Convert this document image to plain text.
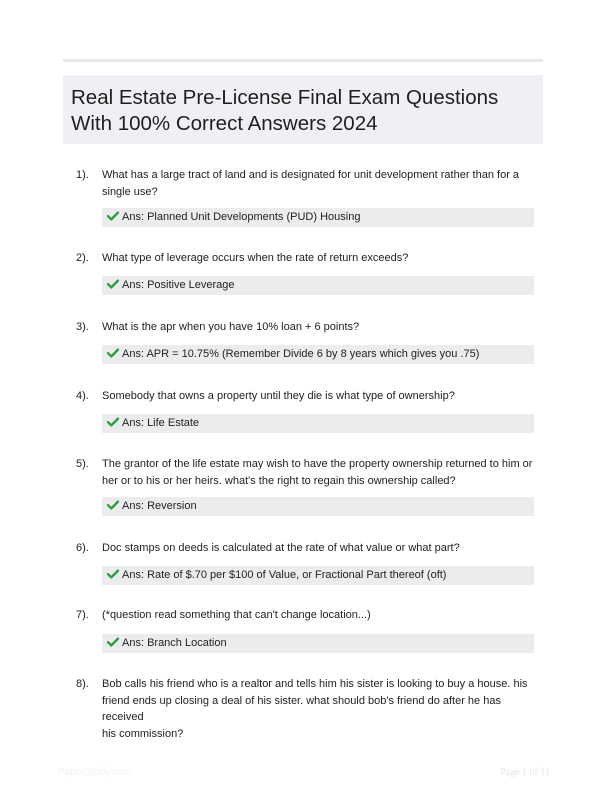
Real Estate Pre-License Final Exam Questions
With 100% Correct Answers 2024
1). What has a large tract of land and is designated for unit development rather than for a
single use?
Ans: Planned Unit Developments (PUD) Housing
2). What type of leverage occurs when the rate of return exceeds?
Ans: Positive Leverage
3). What is the apr when you have 10% loan + 6 points?
Ans: APR = 10.75% (Remember Divide 6 by 8 years which gives you .75)
4). Somebody that owns a property until they die is what type of ownership?
Ans: Life Estate
5). The grantor of the life estate may wish to have the property ownership returned to him or
her or to his or her heirs. what's the right to regain this ownership called?
Ans: Reversion
6). Doc stamps on deeds is calculated at the rate of what value or what part?
Ans: Rate of $.70 per $100 of Value, or Fractional Part thereof (oft)
7). (*question read something that can't change location...)
Ans: Branch Location
8). Bob calls his friend who is a realtor and tells him his sister is looking to buy a house. his
friend ends up closing a deal of his sister. what should bob's friend do after he has received
his commission?
PaperStudy.com	Page 1 of 11
